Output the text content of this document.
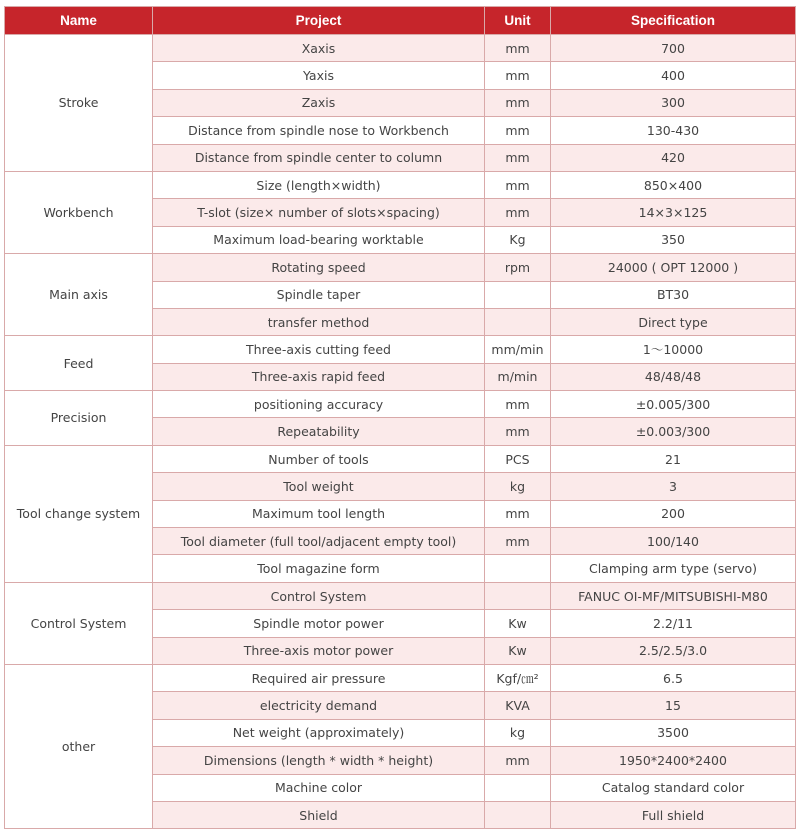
Name	Project	Unit	Specification
Stroke	Xaxis	mm	700
	Yaxis	mm	400
	Zaxis	mm	300
	Distance from spindle nose to Workbench	mm	130-430
	Distance from spindle center to column	mm	420
Workbench	Size (length×width)	mm	850×400
	T-slot (size× number of slots×spacing)	mm	14×3×125
	Maximum load-bearing worktable	Kg	350
Main axis	Rotating speed	rpm	24000 ( OPT 12000 )
	Spindle taper		BT30
	transfer method		Direct type
Feed	Three-axis cutting feed	mm/min	1～10000
	Three-axis rapid feed	m/min	48/48/48
Precision	positioning accuracy	mm	±0.005/300
	Repeatability	mm	±0.003/300
Tool change system	Number of tools	PCS	21
	Tool weight	kg	3
	Maximum tool length	mm	200
	Tool diameter (full tool/adjacent empty tool)	mm	100/140
	Tool magazine form		Clamping arm type (servo)
Control System	Control System		FANUC OI-MF/MITSUBISHI-M80
	Spindle motor power	Kw	2.2/11
	Three-axis motor power	Kw	2.5/2.5/3.0
other	Required air pressure	Kgf/㎝²	6.5
	electricity demand	KVA	15
	Net weight (approximately)	kg	3500
	Dimensions (length * width * height)	mm	1950*2400*2400
	Machine color		Catalog standard color
	Shield		Full shield
